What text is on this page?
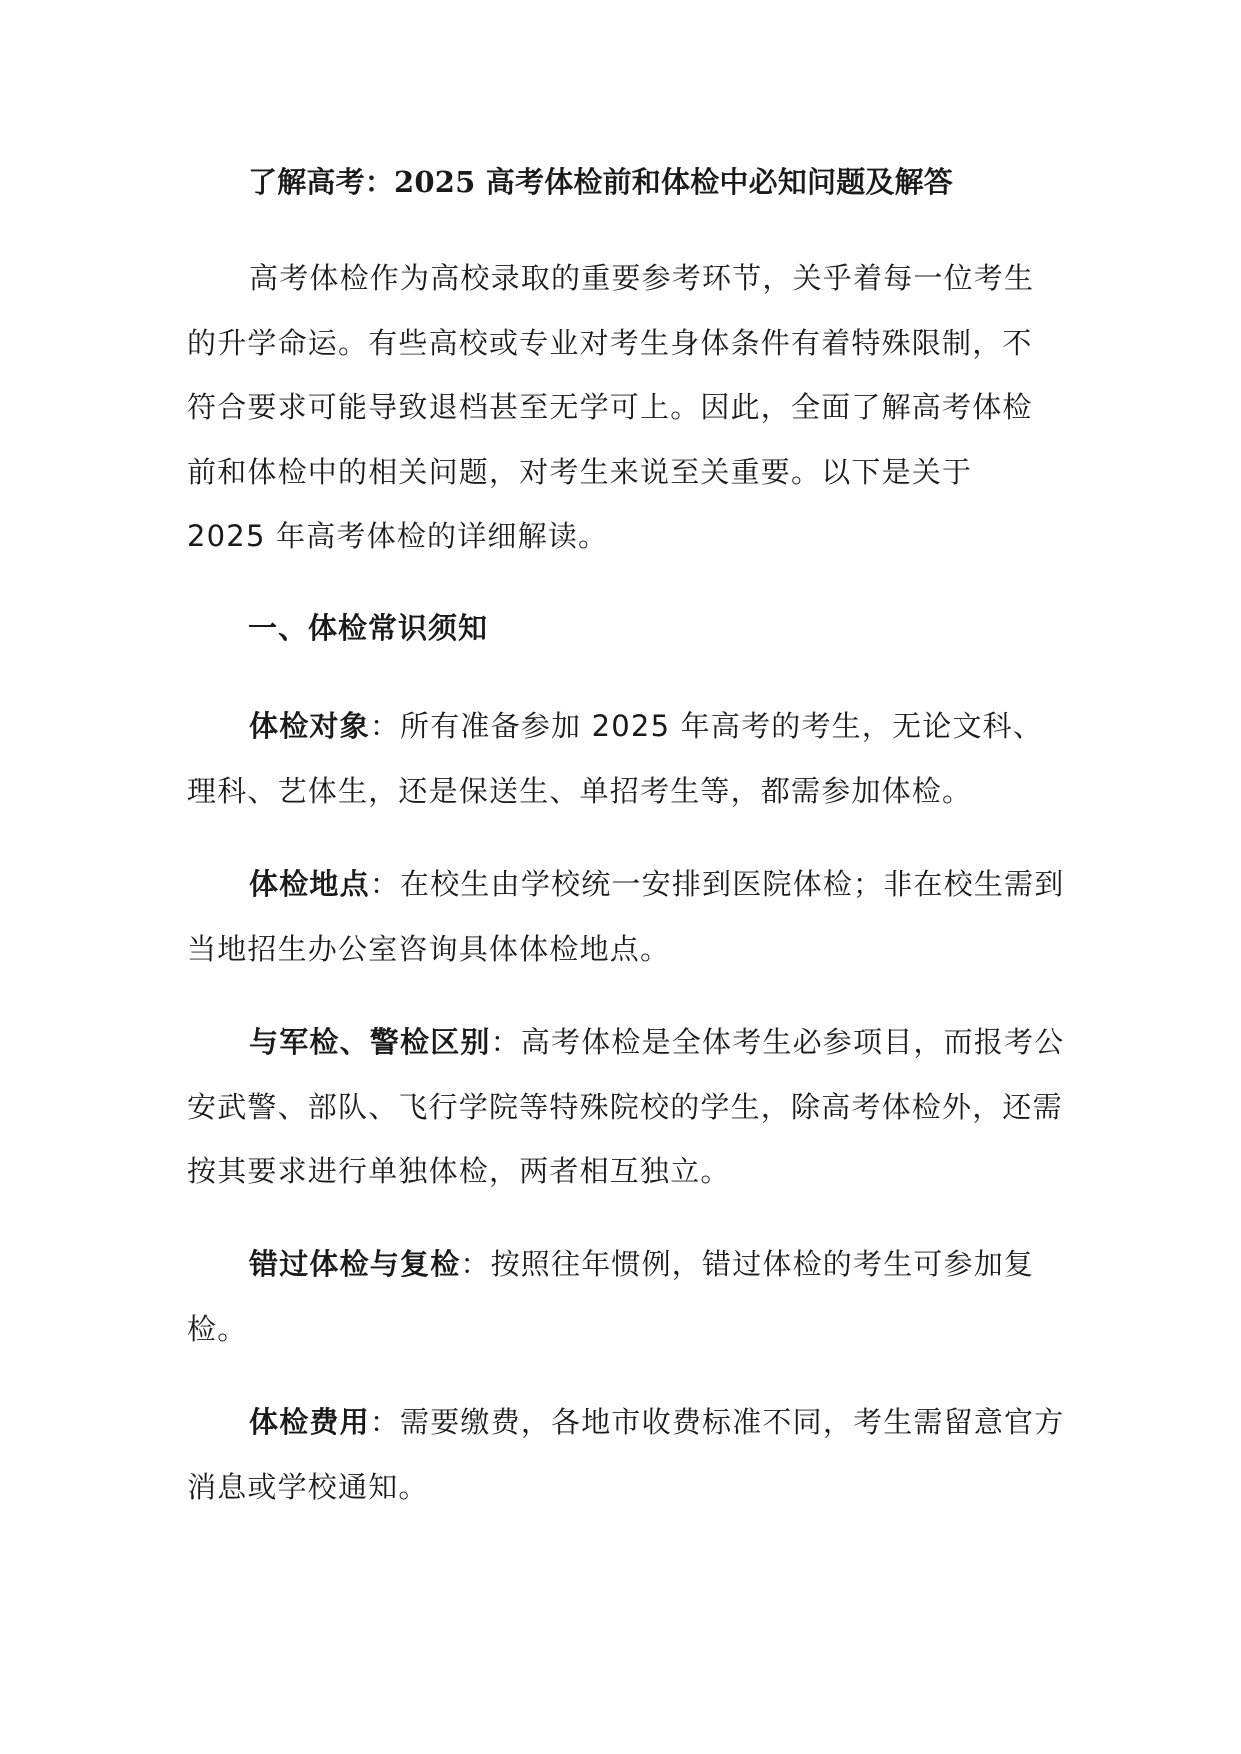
了解高考：2025 高考体检前和体检中必知问题及解答

高考体检作为高校录取的重要参考环节，关乎着每一位考生的升学命运。有些高校或专业对考生身体条件有着特殊限制，不符合要求可能导致退档甚至无学可上。因此，全面了解高考体检前和体检中的相关问题，对考生来说至关重要。以下是关于 2025 年高考体检的详细解读。

一、体检常识须知

体检对象：所有准备参加 2025 年高考的考生，无论文科、理科、艺体生，还是保送生、单招考生等，都需参加体检。

体检地点：在校生由学校统一安排到医院体检；非在校生需到当地招生办公室咨询具体体检地点。

与军检、警检区别：高考体检是全体考生必参项目，而报考公安武警、部队、飞行学院等特殊院校的学生，除高考体检外，还需按其要求进行单独体检，两者相互独立。

错过体检与复检：按照往年惯例，错过体检的考生可参加复检。

体检费用：需要缴费，各地市收费标准不同，考生需留意官方消息或学校通知。
